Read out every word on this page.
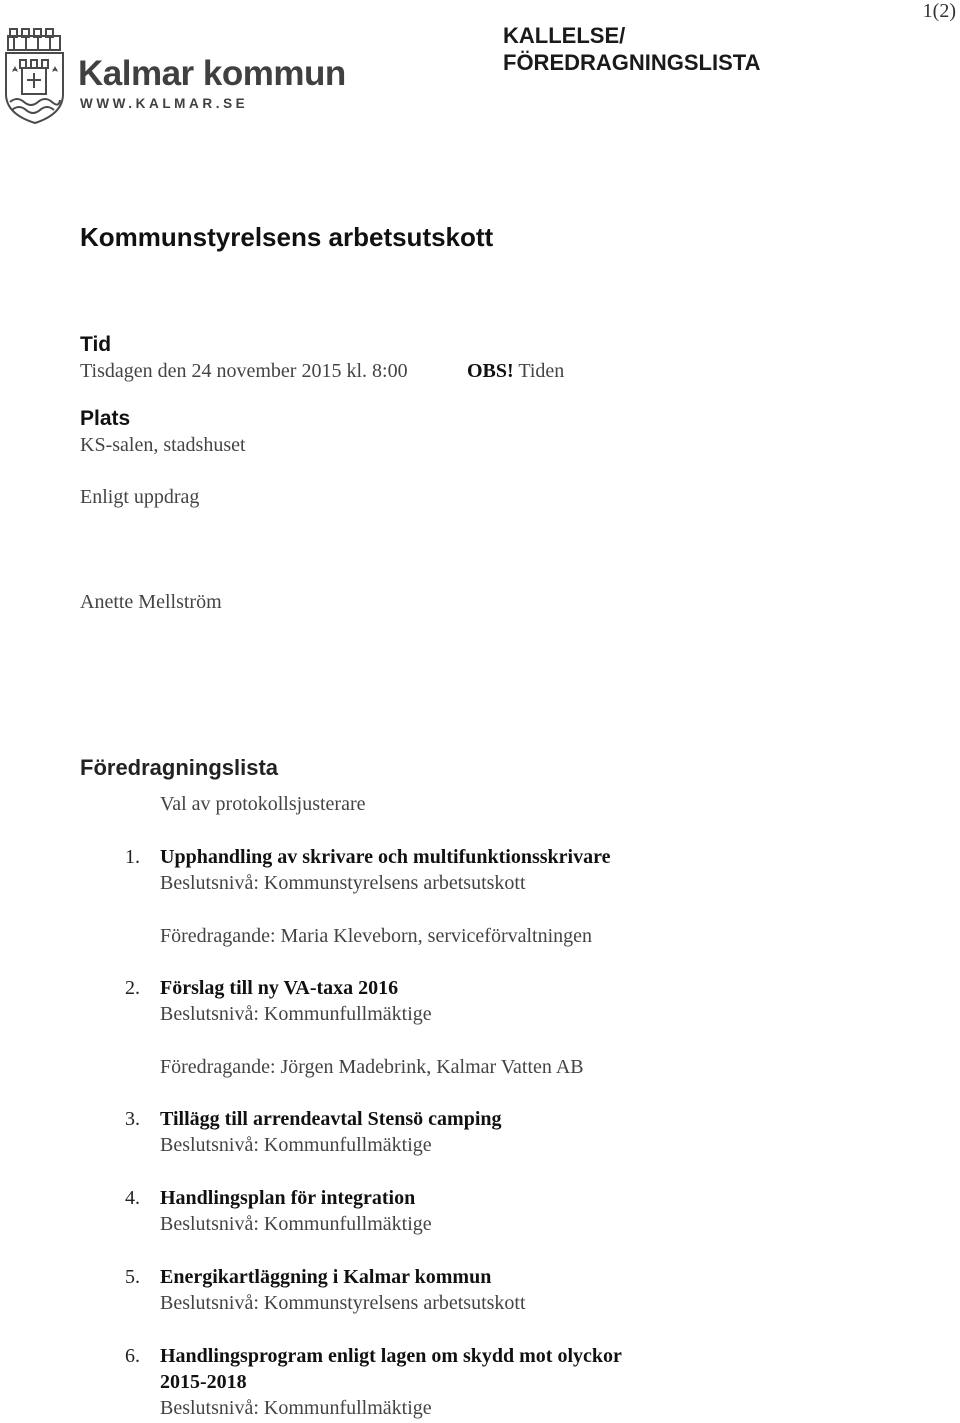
1(2)
Kalmar kommun
WWW.KALMAR.SE
KALLELSE/ FÖREDRAGNINGSLISTA
Kommunstyrelsens arbetsutskott
Tid
Tisdagen den 24 november 2015 kl. 8:00	OBS! Tiden
Plats
KS-salen, stadshuset
Enligt uppdrag
Anette Mellström
Föredragningslista
Val av protokollsjusterare
1. Upphandling av skrivare och multifunktionsskrivare
Beslutsnivå: Kommunstyrelsens arbetsutskott
Föredragande: Maria Kleveborn, serviceförvaltningen
2. Förslag till ny VA-taxa 2016
Beslutsnivå: Kommunfullmäktige
Föredragande: Jörgen Madebrink, Kalmar Vatten AB
3. Tillägg till arrendeavtal Stensö camping
Beslutsnivå: Kommunfullmäktige
4. Handlingsplan för integration
Beslutsnivå: Kommunfullmäktige
5. Energikartläggning i Kalmar kommun
Beslutsnivå: Kommunstyrelsens arbetsutskott
6. Handlingsprogram enligt lagen om skydd mot olyckor
2015-2018
Beslutsnivå: Kommunfullmäktige
